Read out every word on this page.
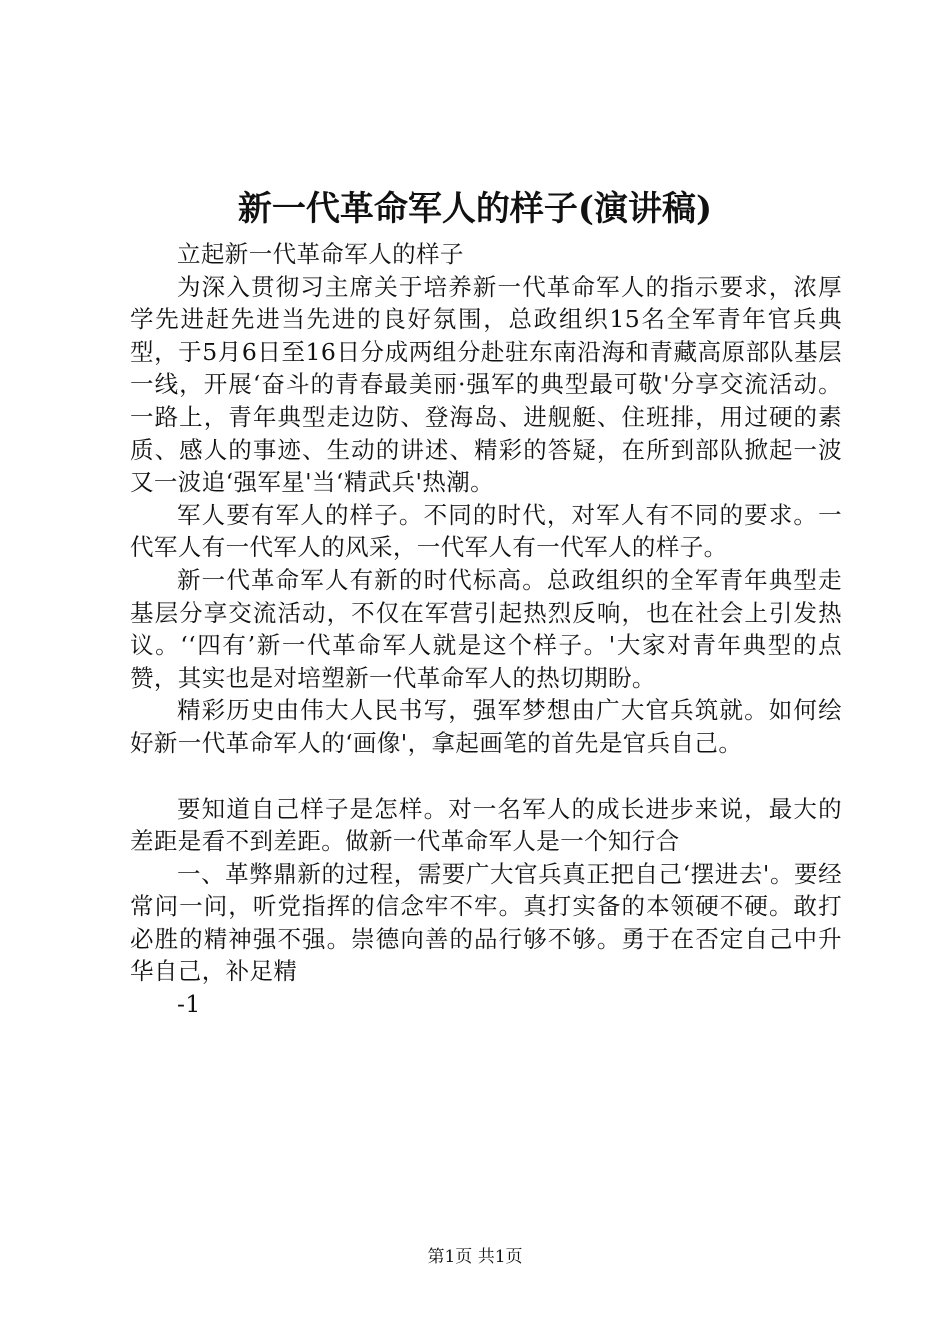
新一代革命军人的样子(演讲稿)

立起新一代革命军人的样子

为深入贯彻习主席关于培养新一代革命军人的指示要求，浓厚学先进赶先进当先进的良好氛围，总政组织15名全军青年官兵典型，于5月6日至16日分成两组分赴驻东南沿海和青藏高原部队基层一线，开展‘奋斗的青春最美丽·强军的典型最可敬'分享交流活动。一路上，青年典型走边防、登海岛、进舰艇、住班排，用过硬的素质、感人的事迹、生动的讲述、精彩的答疑，在所到部队掀起一波又一波追‘强军星'当‘精武兵'热潮。

军人要有军人的样子。不同的时代，对军人有不同的要求。一代军人有一代军人的风采，一代军人有一代军人的样子。

新一代革命军人有新的时代标高。总政组织的全军青年典型走基层分享交流活动，不仅在军营引起热烈反响，也在社会上引发热议。‘‘四有’新一代革命军人就是这个样子。'大家对青年典型的点赞，其实也是对培塑新一代革命军人的热切期盼。

精彩历史由伟大人民书写，强军梦想由广大官兵筑就。如何绘好新一代革命军人的‘画像'，拿起画笔的首先是官兵自己。

要知道自己样子是怎样。对一名军人的成长进步来说，最大的差距是看不到差距。做新一代革命军人是一个知行合

一、革弊鼎新的过程，需要广大官兵真正把自己‘摆进去'。要经常问一问，听党指挥的信念牢不牢。真打实备的本领硬不硬。敢打必胜的精神强不强。崇德向善的品行够不够。勇于在否定自己中升华自己，补足精

-1

第1页 共1页
